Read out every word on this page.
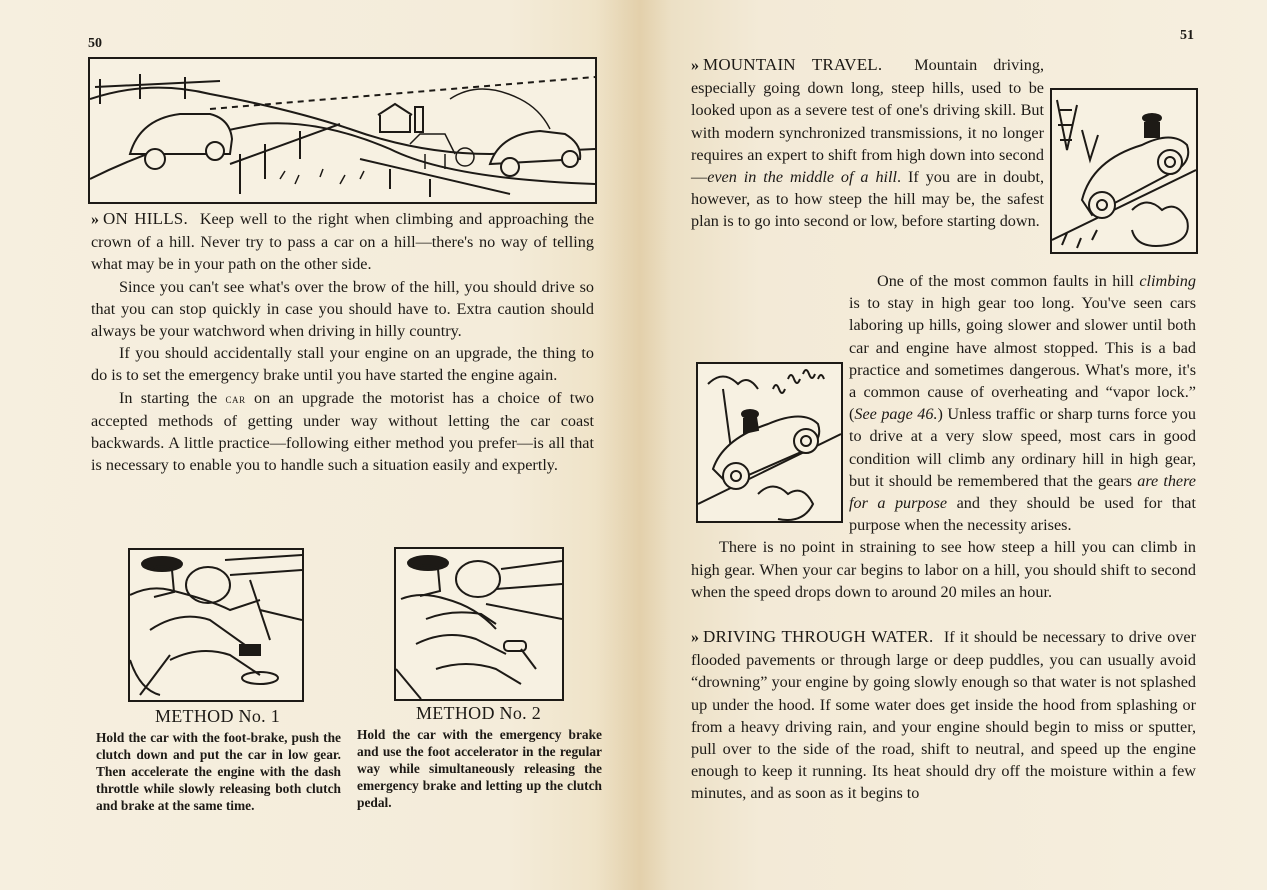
50

» ON HILLS. Keep well to the right when climbing and approaching the crown of a hill. Never try to pass a car on a hill—there's no way of telling what may be in your path on the other side.

Since you can't see what's over the brow of the hill, you should drive so that you can stop quickly in case you should have to. Extra caution should always be your watchword when driving in hilly country.

If you should accidentally stall your engine on an upgrade, the thing to do is to set the emergency brake until you have started the engine again.

In starting the car on an upgrade the motorist has a choice of two accepted methods of getting under way without letting the car coast backwards. A little practice—following either method you prefer—is all that is necessary to enable you to handle such a situation easily and expertly.

METHOD No. 1	METHOD No. 2
Hold the car with the foot-brake, push the clutch down and put the car in low gear. Then accelerate the engine with the dash throttle while slowly releasing both clutch and brake at the same time.
Hold the car with the emergency brake and use the foot accelerator in the regular way while simultaneously releasing the emergency brake and letting up the clutch pedal.
51

» MOUNTAIN TRAVEL. Mountain driving, especially going down long, steep hills, used to be looked upon as a severe test of one's driving skill. But with modern synchronized transmissions, it no longer requires an expert to shift from high down into second—even in the middle of a hill. If you are in doubt, however, as to how steep the hill may be, the safest plan is to go into second or low, before starting down.

One of the most common faults in hill climbing is to stay in high gear too long. You've seen cars laboring up hills, going slower and slower until both car and engine have almost stopped. This is a bad practice and sometimes dangerous. What's more, it's a common cause of overheating and “vapor lock.” (See page 46.) Unless traffic or sharp turns force you to drive at a very slow speed, most cars in good condition will climb any ordinary hill in high gear, but it should be remembered that the gears are there for a purpose and they should be used for that purpose when the necessity arises.

There is no point in straining to see how steep a hill you can climb in high gear. When your car begins to labor on a hill, you should shift to second when the speed drops down to around 20 miles an hour.

» DRIVING THROUGH WATER. If it should be necessary to drive over flooded pavements or through large or deep puddles, you can usually avoid “drowning” your engine by going slowly enough so that water is not splashed up under the hood. If some water does get inside the hood from splashing or from a heavy driving rain, and your engine should begin to miss or sputter, pull over to the side of the road, shift to neutral, and speed up the engine enough to keep it running. Its heat should dry off the moisture within a few minutes, and as soon as it begins to
